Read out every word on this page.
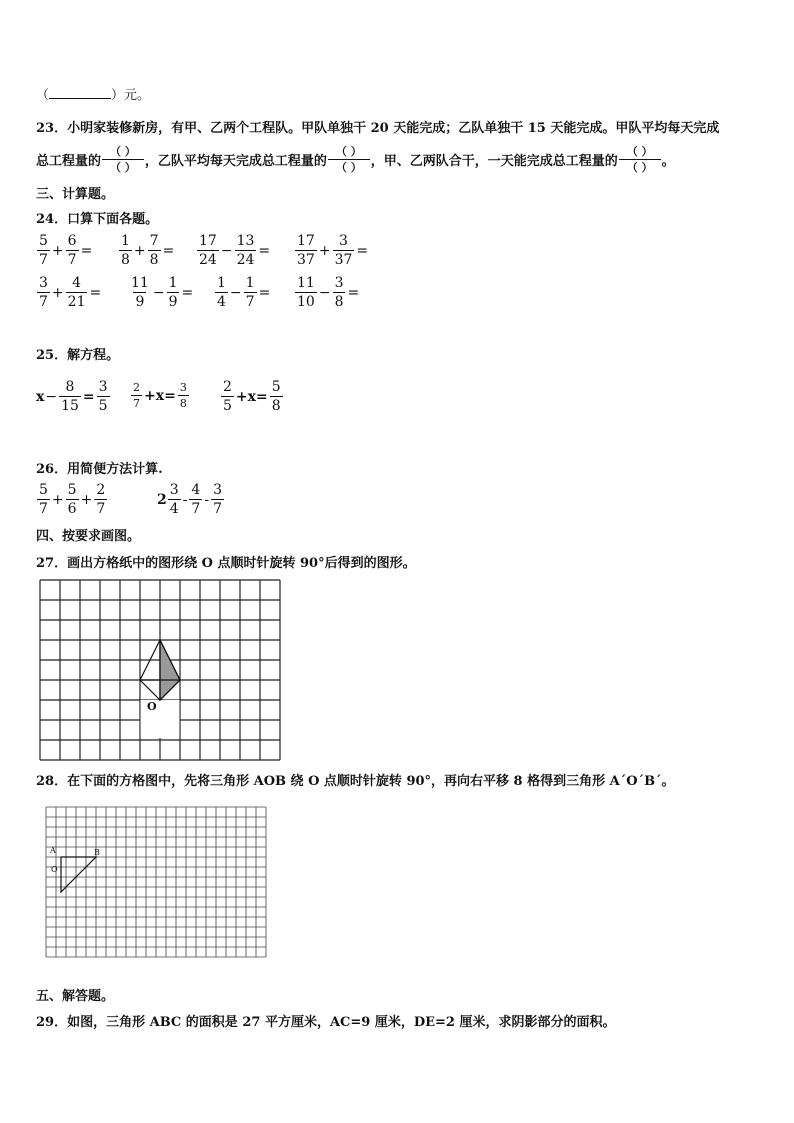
（	）元。
23．小明家装修新房，有甲、乙两个工程队。甲队单独干 20 天能完成；乙队单独干 15 天能完成。甲队平均每天完成
总工程量的 $\frac{( )}{( )}$ ，乙队平均每天完成总工程量的 $\frac{( )}{( )}$ ，甲、乙两队合干，一天能完成总工程量的 $\frac{( )}{( )}$ 。
三、计算题。
24．口算下面各题。
$\frac{5}{7} + \frac{6}{7} = \frac{1}{8} + \frac{7}{8} = \frac{17}{24} - \frac{13}{24} = \frac{17}{37} + \frac{3}{37}$ =
$\frac{3}{7} + \frac{4}{21} = \frac{11}{9} - \frac{1}{9} = \frac{1}{4} - \frac{1}{7} = \frac{11}{10} - \frac{3}{8}$ =
25．解方程。
$x - \frac{8}{15} = \frac{3}{5} \frac{2}{7} +x= \frac{3}{8} \frac{2}{5} +x= \frac{5}{8}$
26．用简便方法计算.
$\frac{5}{7} + \frac{5}{6} + \frac{2}{7}$	$2 \frac{3}{4} - \frac{4}{7} - \frac{3}{7}$
四、按要求画图。
27．画出方格纸中的图形绕 O 点顺时针旋转 90°后得到的图形。
O
28．在下面的方格图中，先将三角形 AOB 绕 O 点顺时针旋转 90°，再向右平移 8 格得到三角形 A´O´B´。
A	B
O
五、解答题。
29．如图，三角形 ABC 的面积是 27 平方厘米，AC=9 厘米，DE=2 厘米，求阴影部分的面积。
